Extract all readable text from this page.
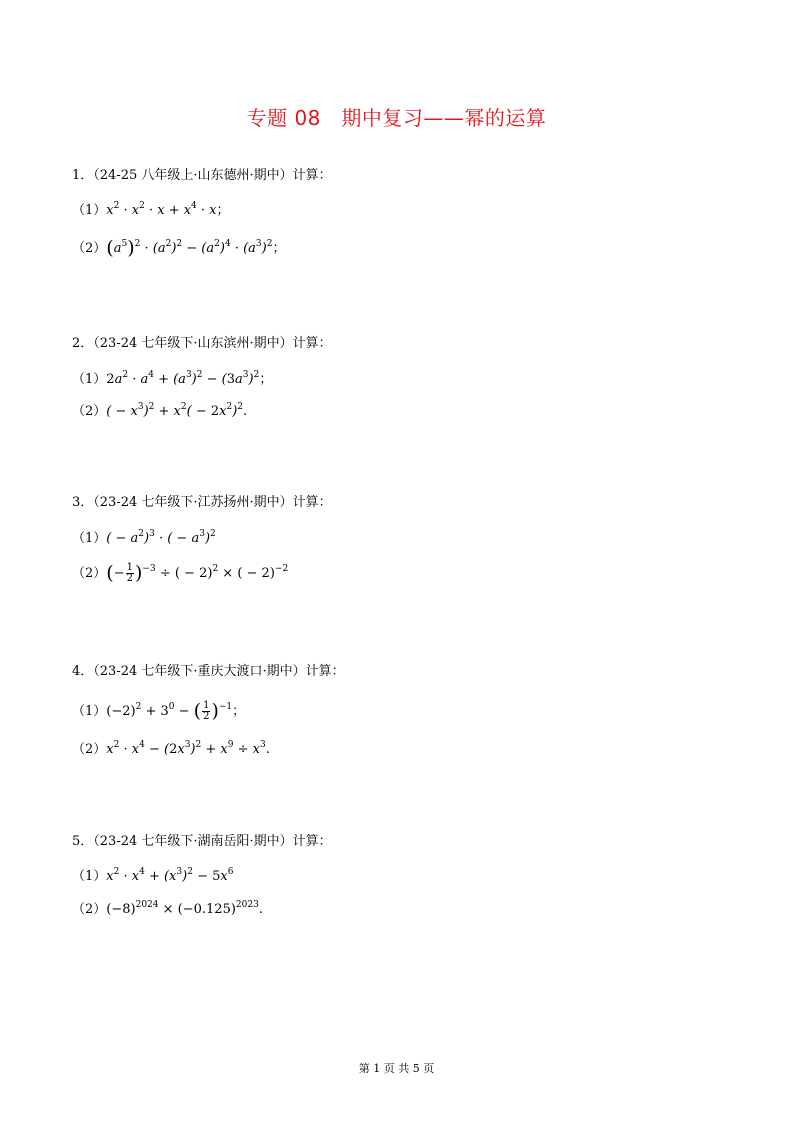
专题 08　期中复习——幂的运算
1．（24-25 八年级上·山东德州·期中）计算：
$(1)x^2 \cdot x^2 \cdot x + x^4 \cdot x$；
$(2)(a^5)^2 \cdot (a^2)^2 - (a^2)^4 \cdot (a^3)^2$；
2．（23-24 七年级下·山东滨州·期中）计算：
$(1)2a^2 \cdot a^4 + (a^3)^2 - (3a^3)^2$；
$(2)( - x^3)^2 + x^2( - 2x^2)^2$.
3．（23-24 七年级下·江苏扬州·期中）计算：
$(1)( - a^2)^3$ · ( − $a^3)^2$
$(2)(- \frac{1}{2} )^{-3}$ ÷ ( − 2)$^2$ × ( − 2)$^{-2}$
4．（23-24 七年级下·重庆大渡口·期中）计算：
$(1)(-2)^2 + 3^0$ − ( $\frac{1}{2} )^{-1}$；
$(2)x^2 \cdot x^4 - (2x^3)^2 + x^9 \div x^3$.
5．（23-24 七年级下·湖南岳阳·期中）计算：
$(1)x^2 \cdot x^4 + (x^3)^2 - 5x^6$
$(2)(-8)^{2024} \times (-0.125)^{2023}$.
第 1 页 共 5 页
